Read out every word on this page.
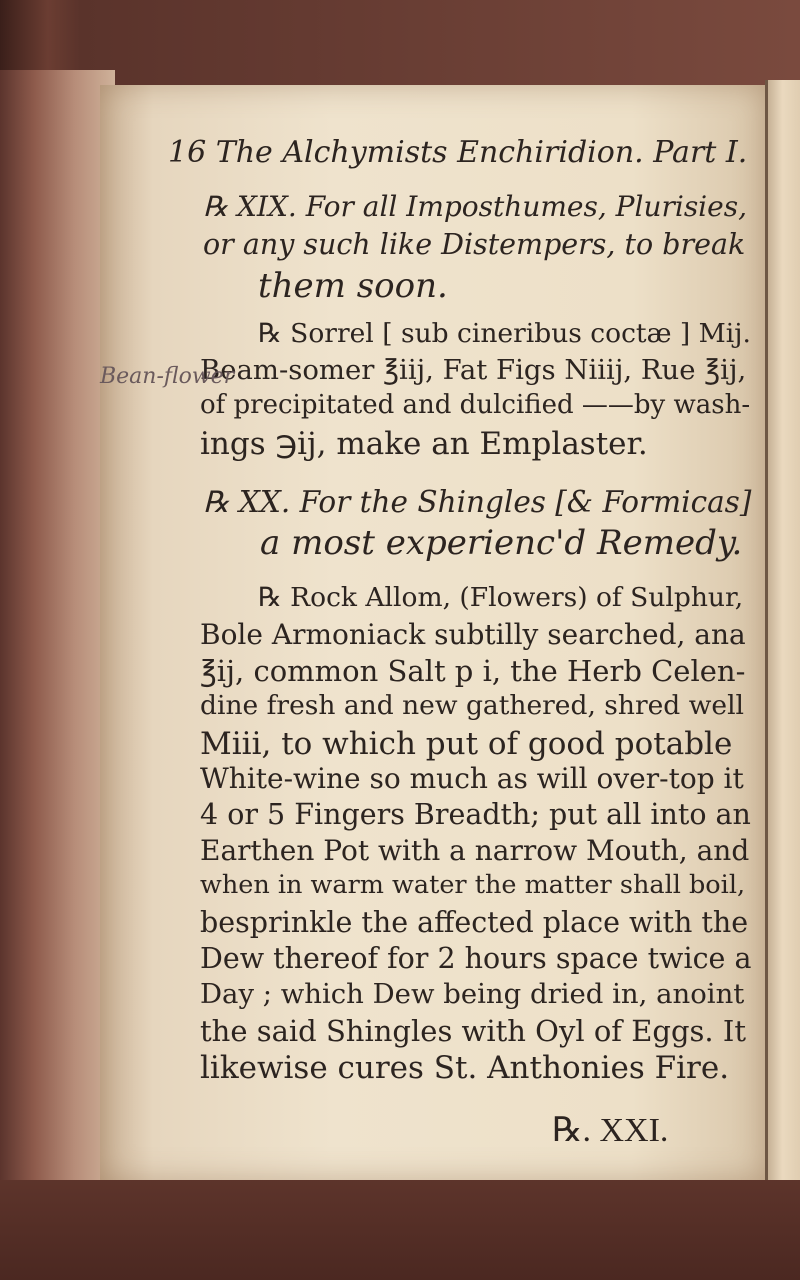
16 The Alchymists Enchiridion. Part I.
℞ XIX. For all Imposthumes, Plurisies,
or any such like Distempers, to break
them soon.
℞ Sorrel [ sub cineribus coctæ ] Mij.
Beam-somer ℥iij, Fat Figs Niiij, Rue ℥ij,
of precipitated and dulcified ——by wash-
ings ℈ij, make an Emplaster.
Bean-flower
℞ XX. For the Shingles [& Formicas]
a most experienc'd Remedy.
℞ Rock Allom, (Flowers) of Sulphur,
Bole Armoniack subtilly searched, ana
℥ij, common Salt p i, the Herb Celen-
dine fresh and new gathered, shred well
Miii, to which put of good potable
White-wine so much as will over-top it
4 or 5 Fingers Breadth; put all into an
Earthen Pot with a narrow Mouth, and
when in warm water the matter shall boil,
besprinkle the affected place with the
Dew thereof for 2 hours space twice a
Day ; which Dew being dried in, anoint
the said Shingles with Oyl of Eggs. It
likewise cures St. Anthonies Fire.
℞. XXI.
